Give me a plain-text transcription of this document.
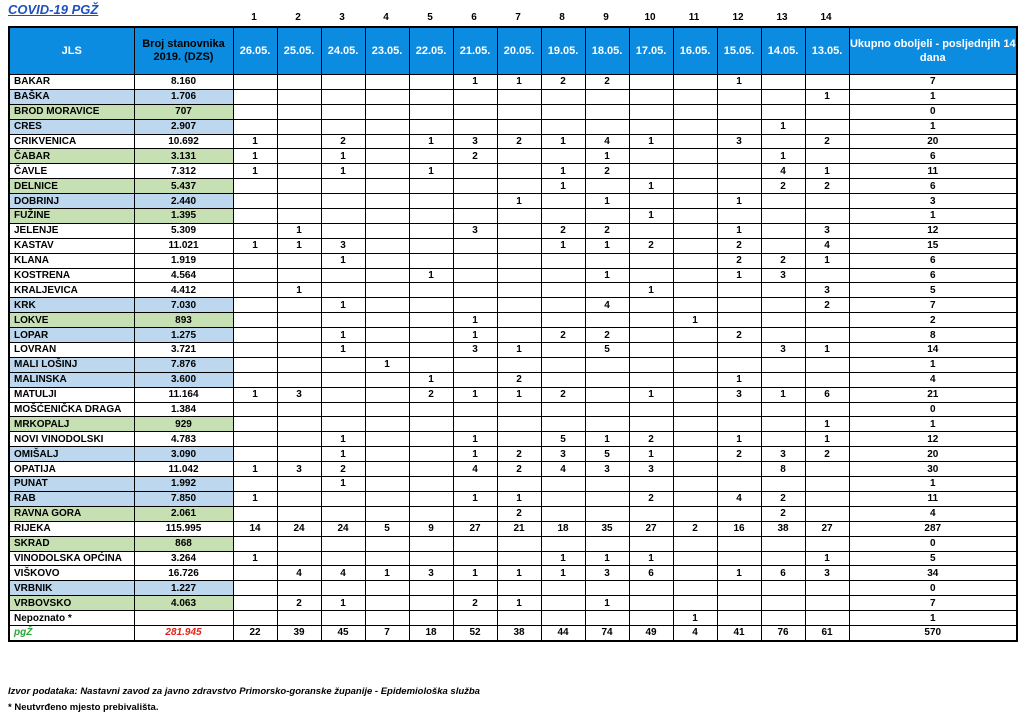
COVID-19 PGŽ
			1	2	3	4	5	6	7	8	9	10	11	12	13	14	
JLS	Broj stanovnika 2019. (DZS)	26.05.	25.05.	24.05.	23.05.	22.05.	21.05.	20.05.	19.05.	18.05.	17.05.	16.05.	15.05.	14.05.	13.05.	Ukupno oboljeli - posljednjih 14 dana
BAKAR	8.160						1	1	2	2			1			7
BAŠKA	1.706														1	1
BROD MORAVICE	707															0
CRES	2.907													1		1
CRIKVENICA	10.692	1		2		1	3	2	1	4	1		3		2	20
ČABAR	3.131	1		1			2			1				1		6
ČAVLE	7.312	1		1		1			1	2				4	1	11
DELNICE	5.437								1		1			2	2	6
DOBRINJ	2.440							1		1			1			3
FUŽINE	1.395										1					1
JELENJE	5.309		1				3		2	2			1		3	12
KASTAV	11.021	1	1	3					1	1	2		2		4	15
KLANA	1.919			1									2	2	1	6
KOSTRENA	4.564					1				1			1	3		6
KRALJEVICA	4.412		1								1				3	5
KRK	7.030			1						4					2	7
LOKVE	893						1					1				2
LOPAR	1.275			1			1		2	2			2			8
LOVRAN	3.721			1			3	1		5				3	1	14
MALI LOŠINJ	7.876				1											1
MALINSKA	3.600					1		2					1			4
MATULJI	11.164	1	3			2	1	1	2		1		3	1	6	21
MOŠĆENIČKA DRAGA	1.384															0
MRKOPALJ	929														1	1
NOVI VINODOLSKI	4.783			1			1		5	1	2		1		1	12
OMIŠALJ	3.090			1			1	2	3	5	1		2	3	2	20
OPATIJA	11.042	1	3	2			4	2	4	3	3			8		30
PUNAT	1.992			1												1
RAB	7.850	1					1	1			2		4	2		11
RAVNA GORA	2.061							2						2		4
RIJEKA	115.995	14	24	24	5	9	27	21	18	35	27	2	16	38	27	287
SKRAD	868															0
VINODOLSKA OPĆINA	3.264	1							1	1	1				1	5
VIŠKOVO	16.726		4	4	1	3	1	1	1	3	6		1	6	3	34
VRBNIK	1.227															0
VRBOVSKO	4.063		2	1			2	1		1						7
Nepoznato *												1				1
pgŽ	281.945	22	39	45	7	18	52	38	44	74	49	4	41	76	61	570
Izvor podataka: Nastavni zavod za javno zdravstvo Primorsko-goranske županije - Epidemiološka služba
* Neutvrđeno mjesto prebivališta.
